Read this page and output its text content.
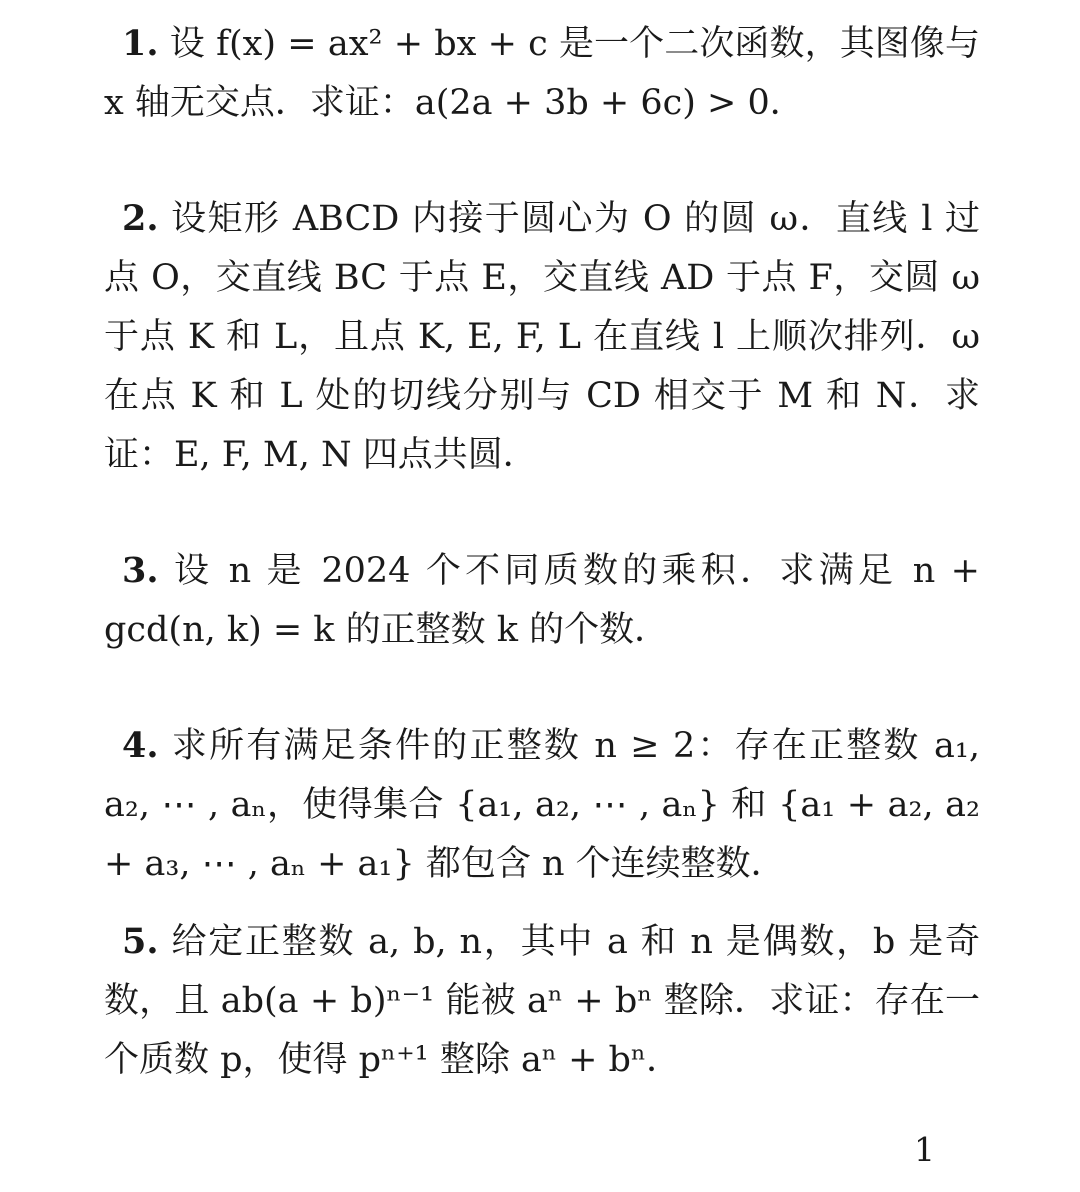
1. 设 f(x) = ax² + bx + c 是一个二次函数，其图像与 x 轴无交点．求证：a(2a + 3b + 6c) > 0．

2. 设矩形 ABCD 内接于圆心为 O 的圆 ω．直线 l 过点 O，交直线 BC 于点 E，交直线 AD 于点 F，交圆 ω 于点 K 和 L，且点 K, E, F, L 在直线 l 上顺次排列．ω 在点 K 和 L 处的切线分别与 CD 相交于 M 和 N．求证：E, F, M, N 四点共圆．

3. 设 n 是 2024 个不同质数的乘积．求满足 n + gcd(n, k) = k 的正整数 k 的个数．

4. 求所有满足条件的正整数 n ≥ 2：存在正整数 a₁, a₂, ⋯ , aₙ，使得集合 {a₁, a₂, ⋯ , aₙ} 和 {a₁ + a₂, a₂ + a₃, ⋯ , aₙ + a₁} 都包含 n 个连续整数．

5. 给定正整数 a, b, n，其中 a 和 n 是偶数，b 是奇数，且 ab(a + b)ⁿ⁻¹ 能被 aⁿ + bⁿ 整除．求证：存在一个质数 p，使得 pⁿ⁺¹ 整除 aⁿ + bⁿ．

1
